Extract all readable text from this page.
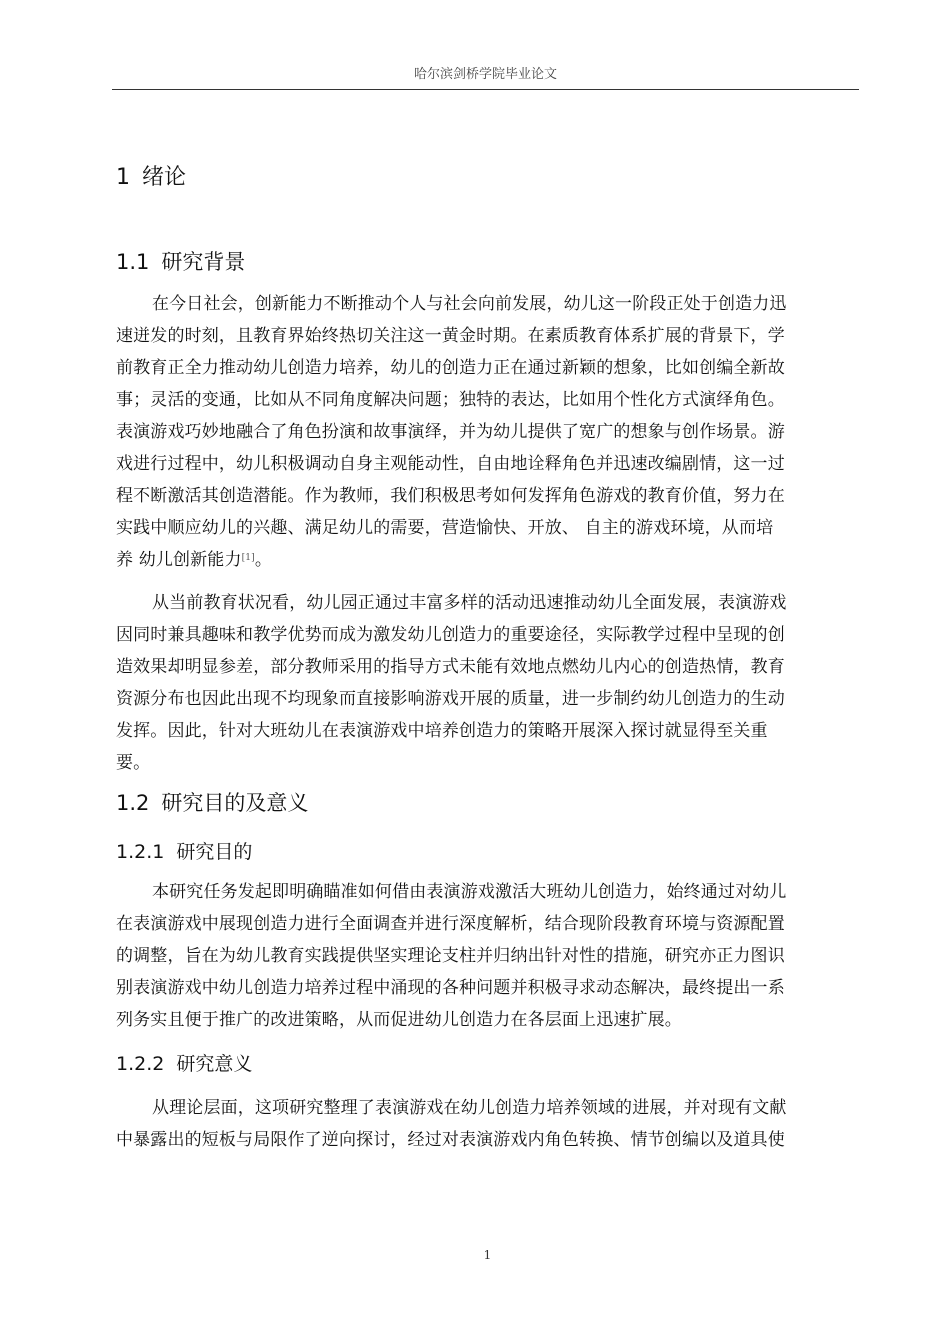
哈尔滨剑桥学院毕业论文
1 绪论
1.1 研究背景
在今日社会，创新能力不断推动个人与社会向前发展，幼儿这一阶段正处于创造力迅
速迸发的时刻，且教育界始终热切关注这一黄金时期。在素质教育体系扩展的背景下，学
前教育正全力推动幼儿创造力培养，幼儿的创造力正在通过新颖的想象，比如创编全新故
事；灵活的变通，比如从不同角度解决问题；独特的表达，比如用个性化方式演绎角色。
表演游戏巧妙地融合了角色扮演和故事演绎，并为幼儿提供了宽广的想象与创作场景。游
戏进行过程中，幼儿积极调动自身主观能动性，自由地诠释角色并迅速改编剧情，这一过
程不断激活其创造潜能。作为教师，我们积极思考如何发挥角色游戏的教育价值，努力在
实践中顺应幼儿的兴趣、满足幼儿的需要，营造愉快、开放、 自主的游戏环境，从而培
养 幼儿创新能力[1]。
从当前教育状况看，幼儿园正通过丰富多样的活动迅速推动幼儿全面发展，表演游戏
因同时兼具趣味和教学优势而成为激发幼儿创造力的重要途径，实际教学过程中呈现的创
造效果却明显参差，部分教师采用的指导方式未能有效地点燃幼儿内心的创造热情，教育
资源分布也因此出现不均现象而直接影响游戏开展的质量，进一步制约幼儿创造力的生动
发挥。因此，针对大班幼儿在表演游戏中培养创造力的策略开展深入探讨就显得至关重
要。
1.2 研究目的及意义
1.2.1 研究目的
本研究任务发起即明确瞄准如何借由表演游戏激活大班幼儿创造力，始终通过对幼儿
在表演游戏中展现创造力进行全面调查并进行深度解析，结合现阶段教育环境与资源配置
的调整，旨在为幼儿教育实践提供坚实理论支柱并归纳出针对性的措施，研究亦正力图识
别表演游戏中幼儿创造力培养过程中涌现的各种问题并积极寻求动态解决，最终提出一系
列务实且便于推广的改进策略，从而促进幼儿创造力在各层面上迅速扩展。
1.2.2 研究意义
从理论层面，这项研究整理了表演游戏在幼儿创造力培养领域的进展，并对现有文献
中暴露出的短板与局限作了逆向探讨，经过对表演游戏内角色转换、情节创编以及道具使
1
